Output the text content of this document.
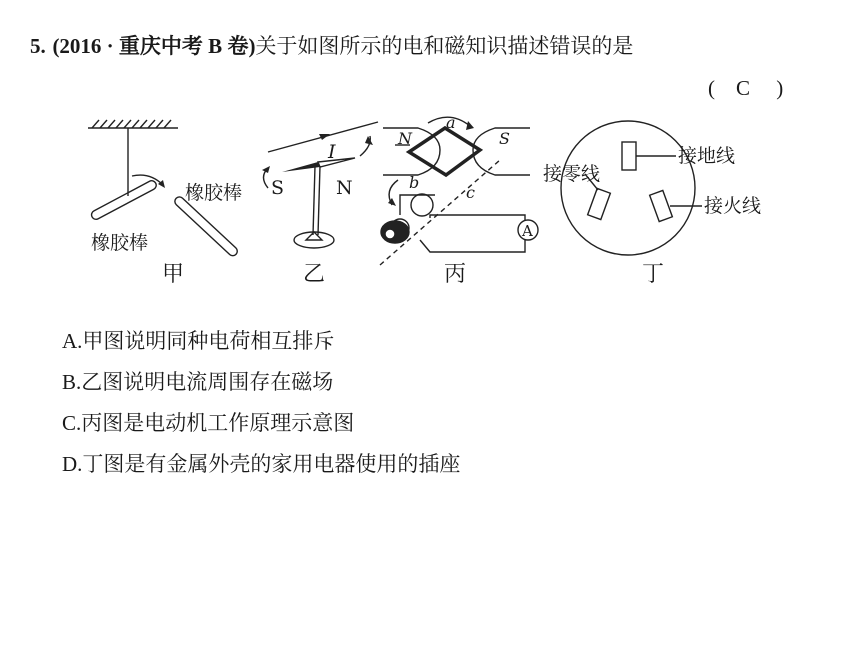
5. (2016 · 重庆中考 B 卷)关于如图所示的电和磁知识描述错误的是
( C )
橡胶棒
橡胶棒
甲
I
S	N
乙
N	S
a
b
c
A
丙
接地线
接零线
接火线
丁
A.甲图说明同种电荷相互排斥
B.乙图说明电流周围存在磁场
C.丙图是电动机工作原理示意图
D.丁图是有金属外壳的家用电器使用的插座
